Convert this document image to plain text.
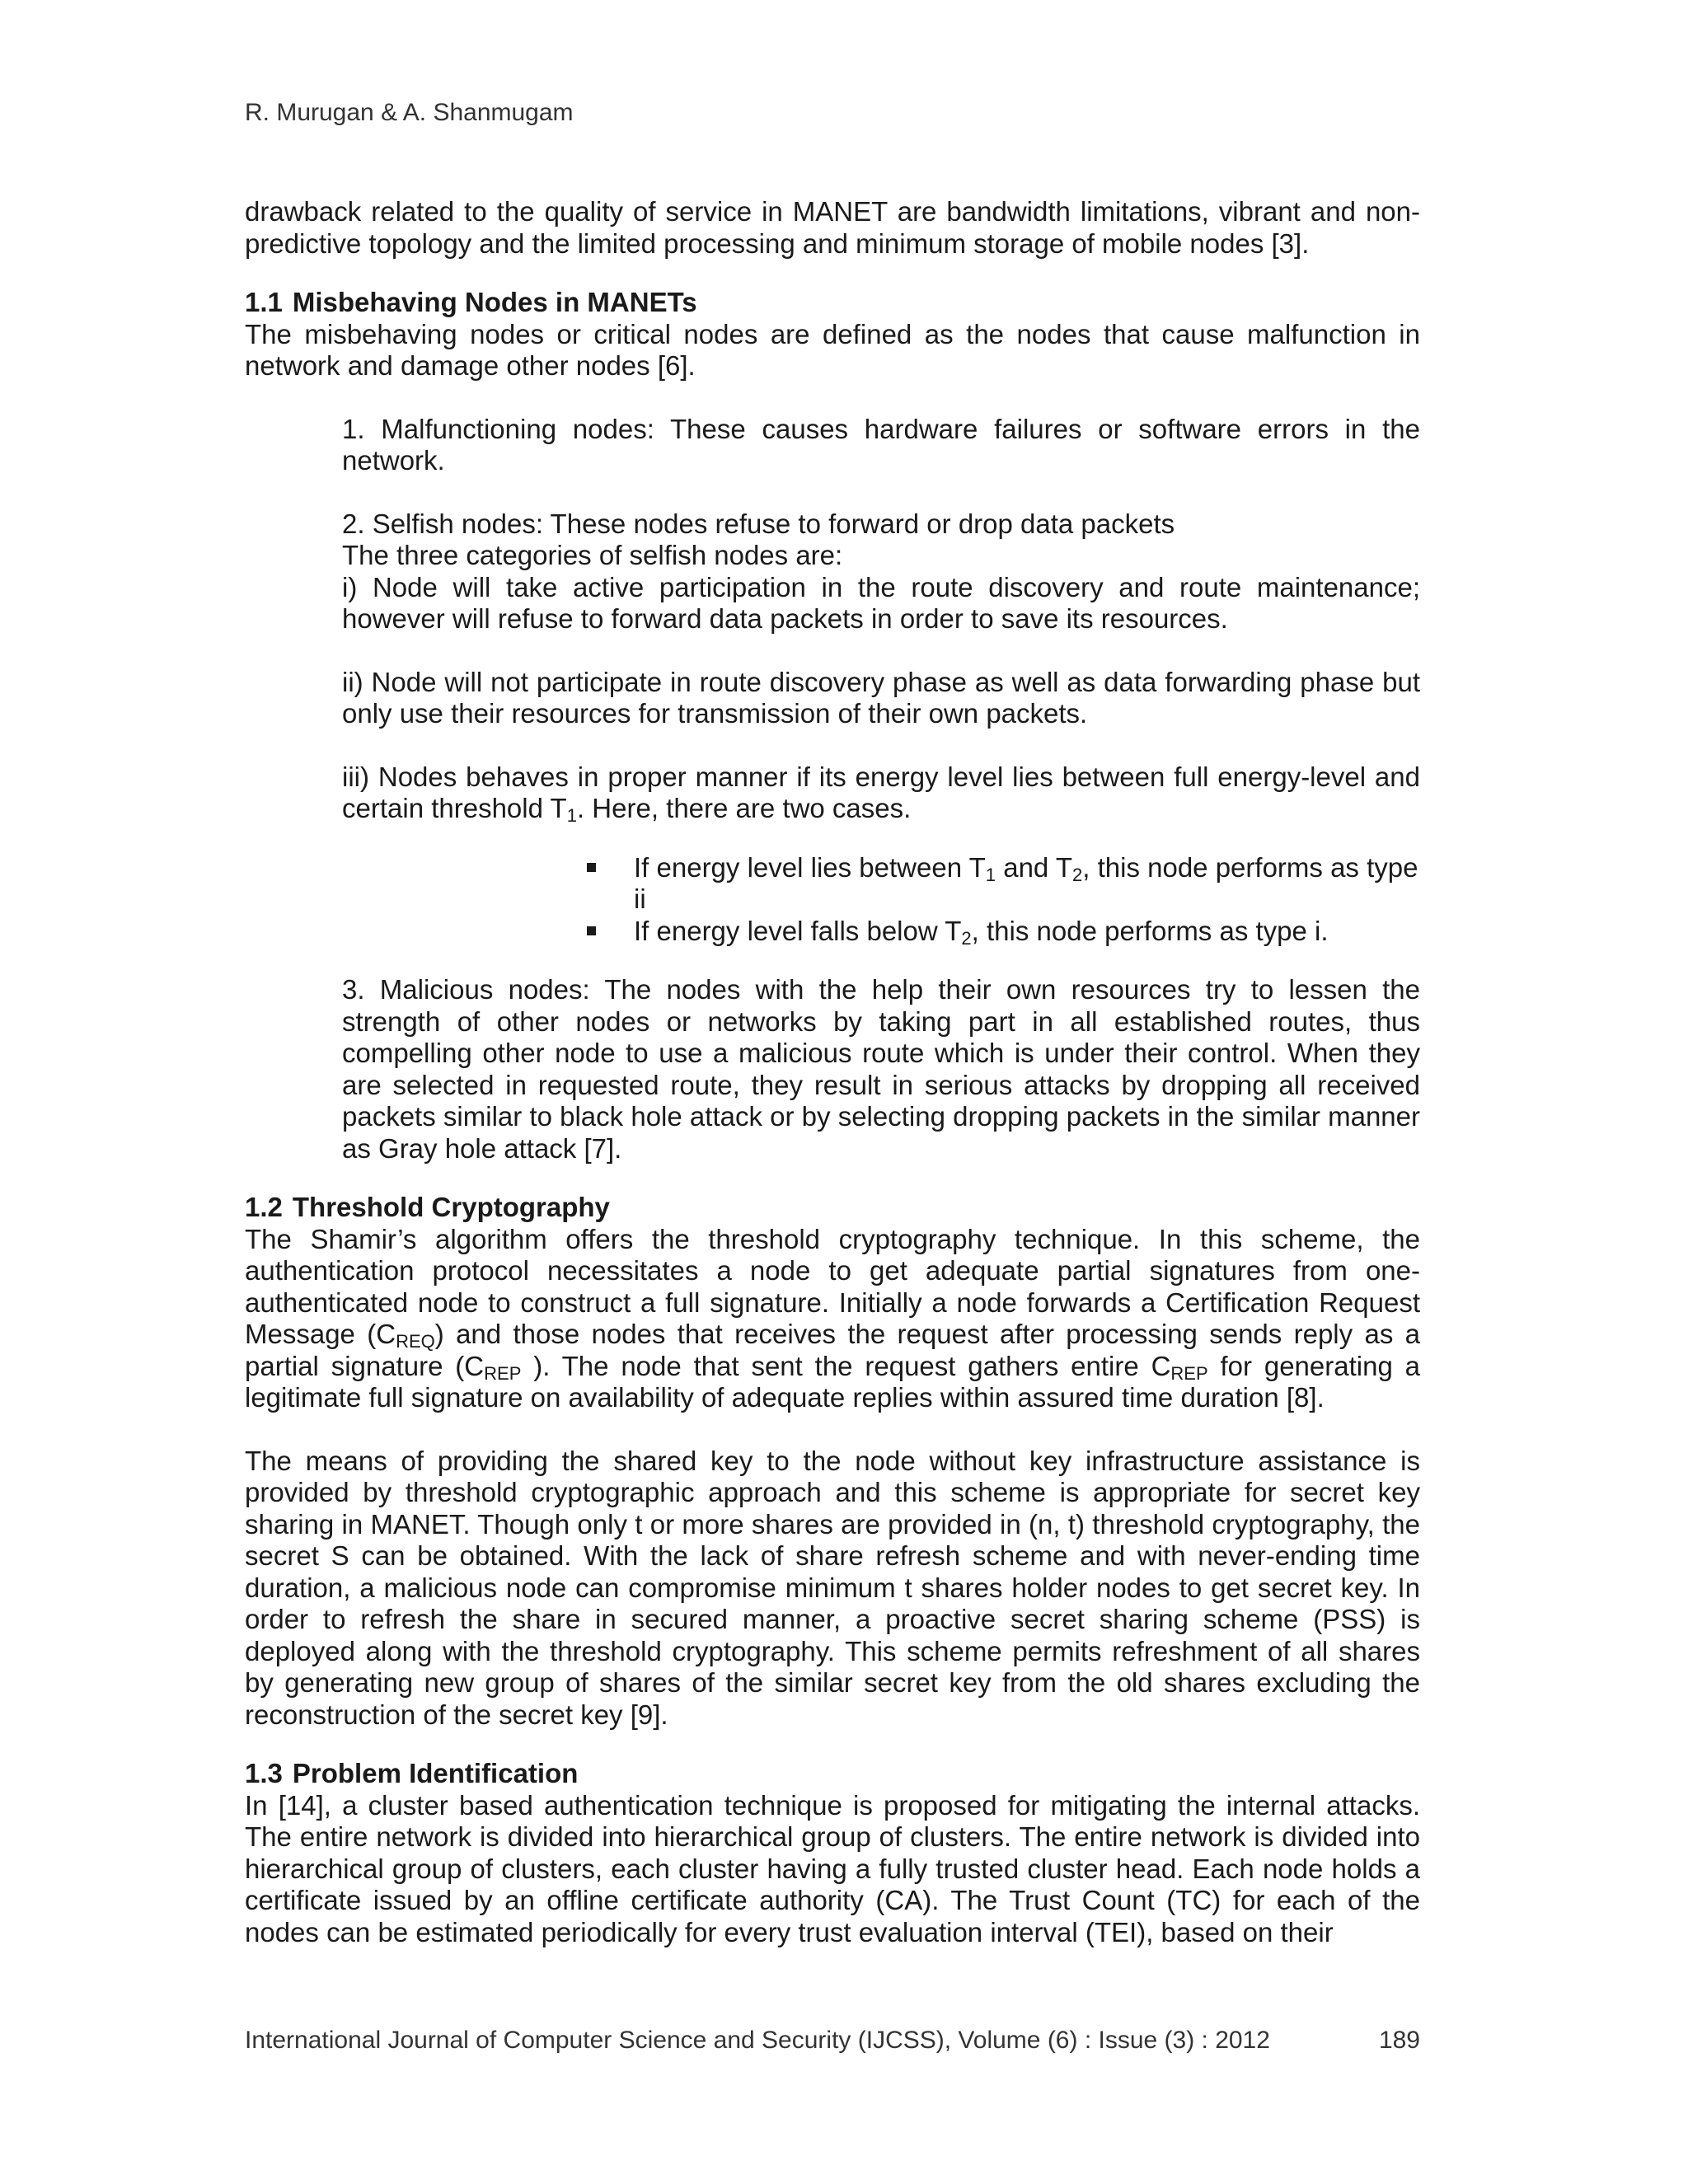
R. Murugan & A. Shanmugam

drawback related to the quality of service in MANET are bandwidth limitations, vibrant and non-predictive topology and the limited processing and minimum storage of mobile nodes [3].

1.1 Misbehaving Nodes in MANETs

The misbehaving nodes or critical nodes are defined as the nodes that cause malfunction in network and damage other nodes [6].

1. Malfunctioning nodes: These causes hardware failures or software errors in the network.

2. Selfish nodes: These nodes refuse to forward or drop data packets

The three categories of selfish nodes are:

i) Node will take active participation in the route discovery and route maintenance; however will refuse to forward data packets in order to save its resources.

ii) Node will not participate in route discovery phase as well as data forwarding phase but only use their resources for transmission of their own packets.

iii) Nodes behaves in proper manner if its energy level lies between full energy-level and certain threshold $T_1$. Here, there are two cases.

If energy level lies between $T_1$ and $T_2$, this node performs as type ii
If energy level falls below $T_2$, this node performs as type i.

3. Malicious nodes: The nodes with the help their own resources try to lessen the strength of other nodes or networks by taking part in all established routes, thus compelling other node to use a malicious route which is under their control. When they are selected in requested route, they result in serious attacks by dropping all received packets similar to black hole attack or by selecting dropping packets in the similar manner as Gray hole attack [7].

1.2 Threshold Cryptography

The Shamir’s algorithm offers the threshold cryptography technique. In this scheme, the authentication protocol necessitates a node to get adequate partial signatures from one-authenticated node to construct a full signature. Initially a node forwards a Certification Request Message $(C_{REQ})$ and those nodes that receives the request after processing sends reply as a partial signature ($C_{REP}$ ). The node that sent the request gathers entire $C_{REP}$ for generating a legitimate full signature on availability of adequate replies within assured time duration [8].

The means of providing the shared key to the node without key infrastructure assistance is provided by threshold cryptographic approach and this scheme is appropriate for secret key sharing in MANET. Though only t or more shares are provided in (n, t) threshold cryptography, the secret S can be obtained. With the lack of share refresh scheme and with never-ending time duration, a malicious node can compromise minimum t shares holder nodes to get secret key. In order to refresh the share in secured manner, a proactive secret sharing scheme (PSS) is deployed along with the threshold cryptography. This scheme permits refreshment of all shares by generating new group of shares of the similar secret key from the old shares excluding the reconstruction of the secret key [9].

1.3 Problem Identification

In [14], a cluster based authentication technique is proposed for mitigating the internal attacks. The entire network is divided into hierarchical group of clusters. The entire network is divided into hierarchical group of clusters, each cluster having a fully trusted cluster head. Each node holds a certificate issued by an offline certificate authority (CA). The Trust Count (TC) for each of the nodes can be estimated periodically for every trust evaluation interval (TEI), based on their

International Journal of Computer Science and Security (IJCSS), Volume (6) : Issue (3) : 2012	189
